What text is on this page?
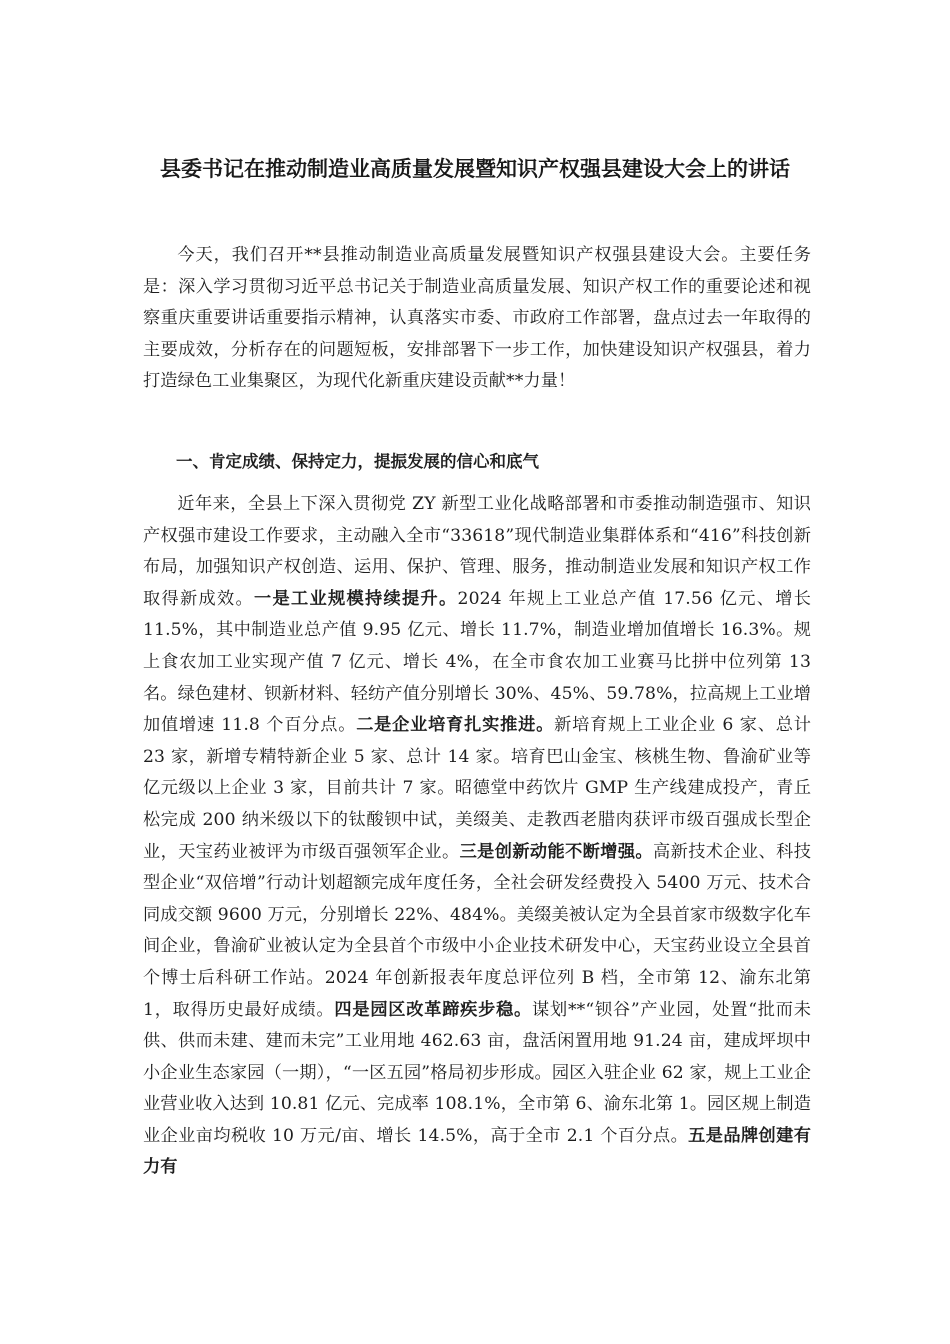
县委书记在推动制造业高质量发展暨知识产权强县建设大会上的讲话

今天，我们召开**县推动制造业高质量发展暨知识产权强县建设大会。主要任务是：深入学习贯彻习近平总书记关于制造业高质量发展、知识产权工作的重要论述和视察重庆重要讲话重要指示精神，认真落实市委、市政府工作部署，盘点过去一年取得的主要成效，分析存在的问题短板，安排部署下一步工作，加快建设知识产权强县，着力打造绿色工业集聚区，为现代化新重庆建设贡献**力量！

一、肯定成绩、保持定力，提振发展的信心和底气

近年来，全县上下深入贯彻党 ZY 新型工业化战略部署和市委推动制造强市、知识产权强市建设工作要求，主动融入全市“33618”现代制造业集群体系和“416”科技创新布局，加强知识产权创造、运用、保护、管理、服务，推动制造业发展和知识产权工作取得新成效。一是工业规模持续提升。2024 年规上工业总产值 17.56 亿元、增长 11.5%，其中制造业总产值 9.95 亿元、增长 11.7%，制造业增加值增长 16.3%。规上食农加工业实现产值 7 亿元、增长 4%，在全市食农加工业赛马比拼中位列第 13 名。绿色建材、钡新材料、轻纺产值分别增长 30%、45%、59.78%，拉高规上工业增加值增速 11.8 个百分点。二是企业培育扎实推进。新培育规上工业企业 6 家、总计 23 家，新增专精特新企业 5 家、总计 14 家。培育巴山金宝、核桃生物、鲁渝矿业等亿元级以上企业 3 家，目前共计 7 家。昭德堂中药饮片 GMP 生产线建成投产，青丘松完成 200 纳米级以下的钛酸钡中试，美缀美、走教西老腊肉获评市级百强成长型企业，天宝药业被评为市级百强领军企业。三是创新动能不断增强。高新技术企业、科技型企业“双倍增”行动计划超额完成年度任务，全社会研发经费投入 5400 万元、技术合同成交额 9600 万元，分别增长 22%、484%。美缀美被认定为全县首家市级数字化车间企业，鲁渝矿业被认定为全县首个市级中小企业技术研发中心，天宝药业设立全县首个博士后科研工作站。2024 年创新报表年度总评位列 B 档，全市第 12、渝东北第 1，取得历史最好成绩。四是园区改革蹄疾步稳。谋划**“钡谷”产业园，处置“批而未供、供而未建、建而未完”工业用地 462.63 亩，盘活闲置用地 91.24 亩，建成坪坝中小企业生态家园（一期），“一区五园”格局初步形成。园区入驻企业 62 家，规上工业企业营业收入达到 10.81 亿元、完成率 108.1%，全市第 6、渝东北第 1。园区规上制造业企业亩均税收 10 万元/亩、增长 14.5%，高于全市 2.1 个百分点。五是品牌创建有力有
